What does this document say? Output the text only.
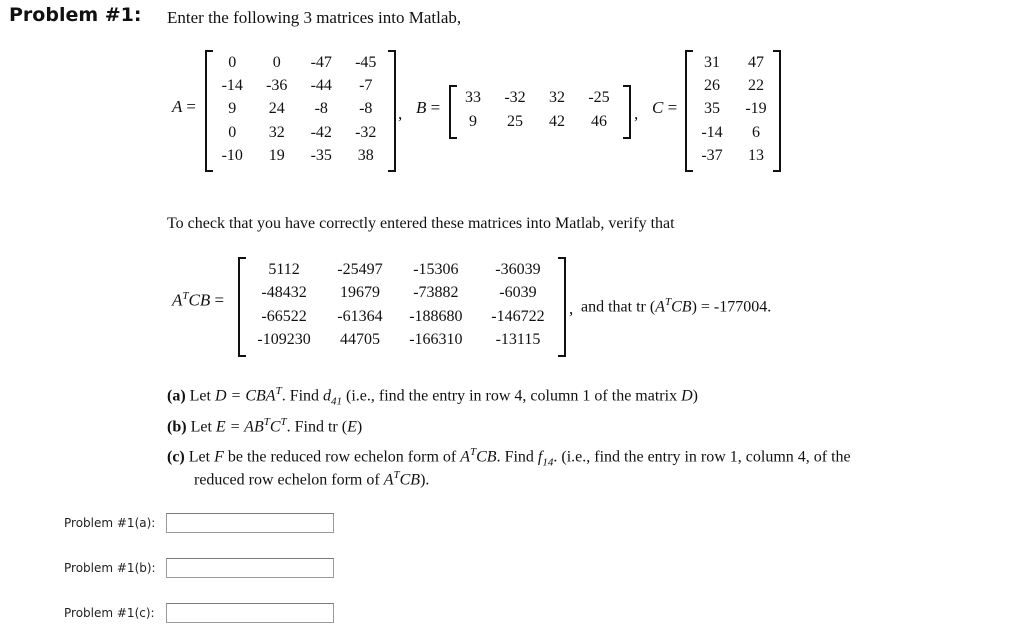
Problem #1: Enter the following 3 matrices into Matlab,
A =
0	0	-47	-45
-14	-36	-44	-7
9	24	-8	-8
0	32	-42	-32
-10	19	-35	38
, B =
33	-32	32	-25
9	25	42	46 , C =
31	47
26	22
35	-19
-14	6
-37	13
To check that you have correctly entered these matrices into Matlab, verify that
$A^TCB$ =
5112	-25497	-15306	-36039
-48432	19679	-73882	-6039
-66522	-61364	-188680	-146722
-109230	44705	-166310	-13115
, and that tr $(A^TCB) = -177004$.
(a) Let $D = CBA^T$. Find $d_{41}$ (i.e., find the entry in row 4, column 1 of the matrix D)
(b) Let $E = AB^TC^T$. Find tr (E)
(c) Let F be the reduced row echelon form of $A^TCB$. Find $f_{14}$. (i.e., find the entry in row 1, column 4, of the
reduced row echelon form of $A^TCB$).
Problem #1(a):
Problem #1(b):
Problem #1(c):
